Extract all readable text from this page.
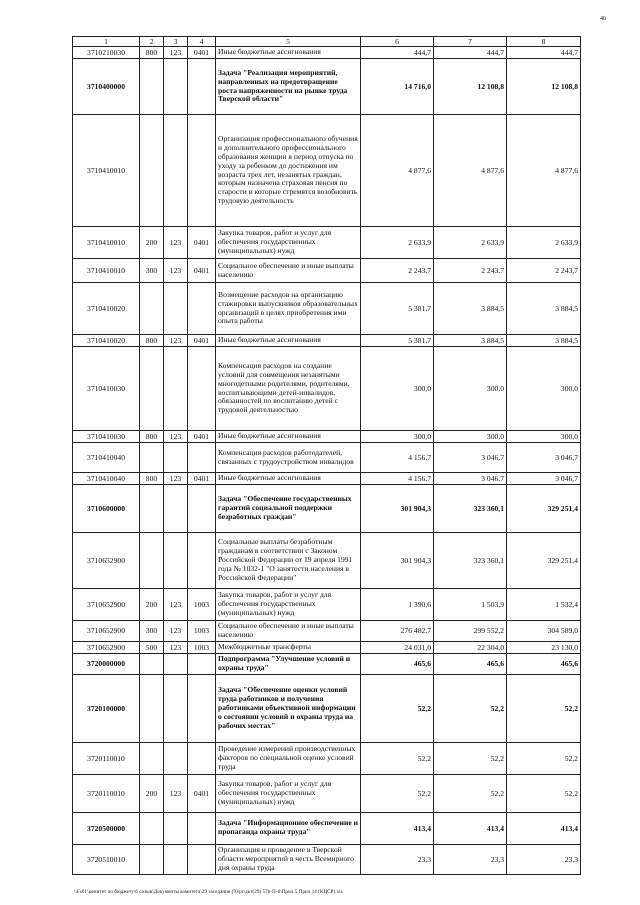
46
1	2	3	4	5	6	7	8
3710210030	800	123	0401	Иные бюджетные ассигнования	444,7	444,7	444,7
3710400000				Задача "Реализация мероприятий, направленных на предотвращение роста напряженности на рынке труда Тверской области"	14 716,0	12 108,8	12 108,8
3710410010				Организация профессионального обучения и дополнительного профессионального образования женщин в период отпуска по уходу за ребенком до достижения им возраста трех лет, незанятых граждан, которым назначена страховая пенсия по старости и которые стремятся возобновить трудовую деятельность	4 877,6	4 877,6	4 877,6
3710410010	200	123	0401	Закупка товаров, работ и услуг для обеспечения государственных (муниципальных) нужд	2 633,9	2 633,9	2 633,9
3710410010	300	123	0401	Социальное обеспечение и иные выплаты населению	2 243,7	2 243,7	2 243,7
3710410020				Возмещение расходов на организацию стажировки выпускников образовательных организаций в целях приобретения ими опыта работы	5 381,7	3 884,5	3 884,5
3710410020	800	123	0401	Иные бюджетные ассигнования	5 381,7	3 884,5	3 884,5
3710410030				Компенсация расходов на создание условий для совмещения незанятыми многодетными родителями, родителями, воспитывающими детей-инвалидов, обязанностей по воспитанию детей с трудовой деятельностью	300,0	300,0	300,0
3710410030	800	123	0401	Иные бюджетные ассигнования	300,0	300,0	300,0
3710410040				Компенсация расходов работодателей, связанных с трудоустройством инвалидов	4 156,7	3 046,7	3 046,7
3710410040	800	123	0401	Иные бюджетные ассигнования	4 156,7	3 046,7	3 046,7
3710600000				Задача "Обеспечение государственных гарантий социальной поддержки безработных граждан"	301 904,3	323 360,1	329 251,4
3710652900				Социальные выплаты безработным гражданам в соответствии с Законом Российской Федерации от 19 апреля 1991 года № 1032-1 "О занятости населения в Российской Федерации"	301 904,3	323 360,1	329 251,4
3710652900	200	123	1003	Закупка товаров, работ и услуг для обеспечения государственных (муниципальных) нужд	1 390,6	1 503,9	1 532,4
3710652900	300	123	1003	Социальное обеспечение и иные выплаты населению	276 482,7	299 552,2	304 589,0
3710652900	500	123	1003	Межбюджетные трансферты	24 031,0	22 304,0	23 130,0
3720000000				Подпрограмма "Улучшение условий и охраны труда"	465,6	465,6	465,6
3720100000				Задача "Обеспечение оценки условий труда работников и получения работниками объективной информации о состоянии условий и охраны труда на рабочих местах"	52,2	52,2	52,2
3720110010				Проведение измерений производственных факторов по специальной оценке условий труда	52,2	52,2	52,2
3720110010	200	123	0401	Закупка товаров, работ и услуг для обеспечения государственных (муниципальных) нужд	52,2	52,2	52,2
3720500000				Задача "Информационное обеспечение и пропаганда охраны труда"	413,4	413,4	413,4
3720510010				Организация и проведение в Тверской области мероприятий в честь Всемирного дня охраны труда	23,3	23,3	23,3
\\Fs01\комитет по бюджету\6 созыв\Документы комитета\29 заседание (9)\pr\дкт(29) 576-П-6\Прил 5 Прил 14 (КЦСР).xls
